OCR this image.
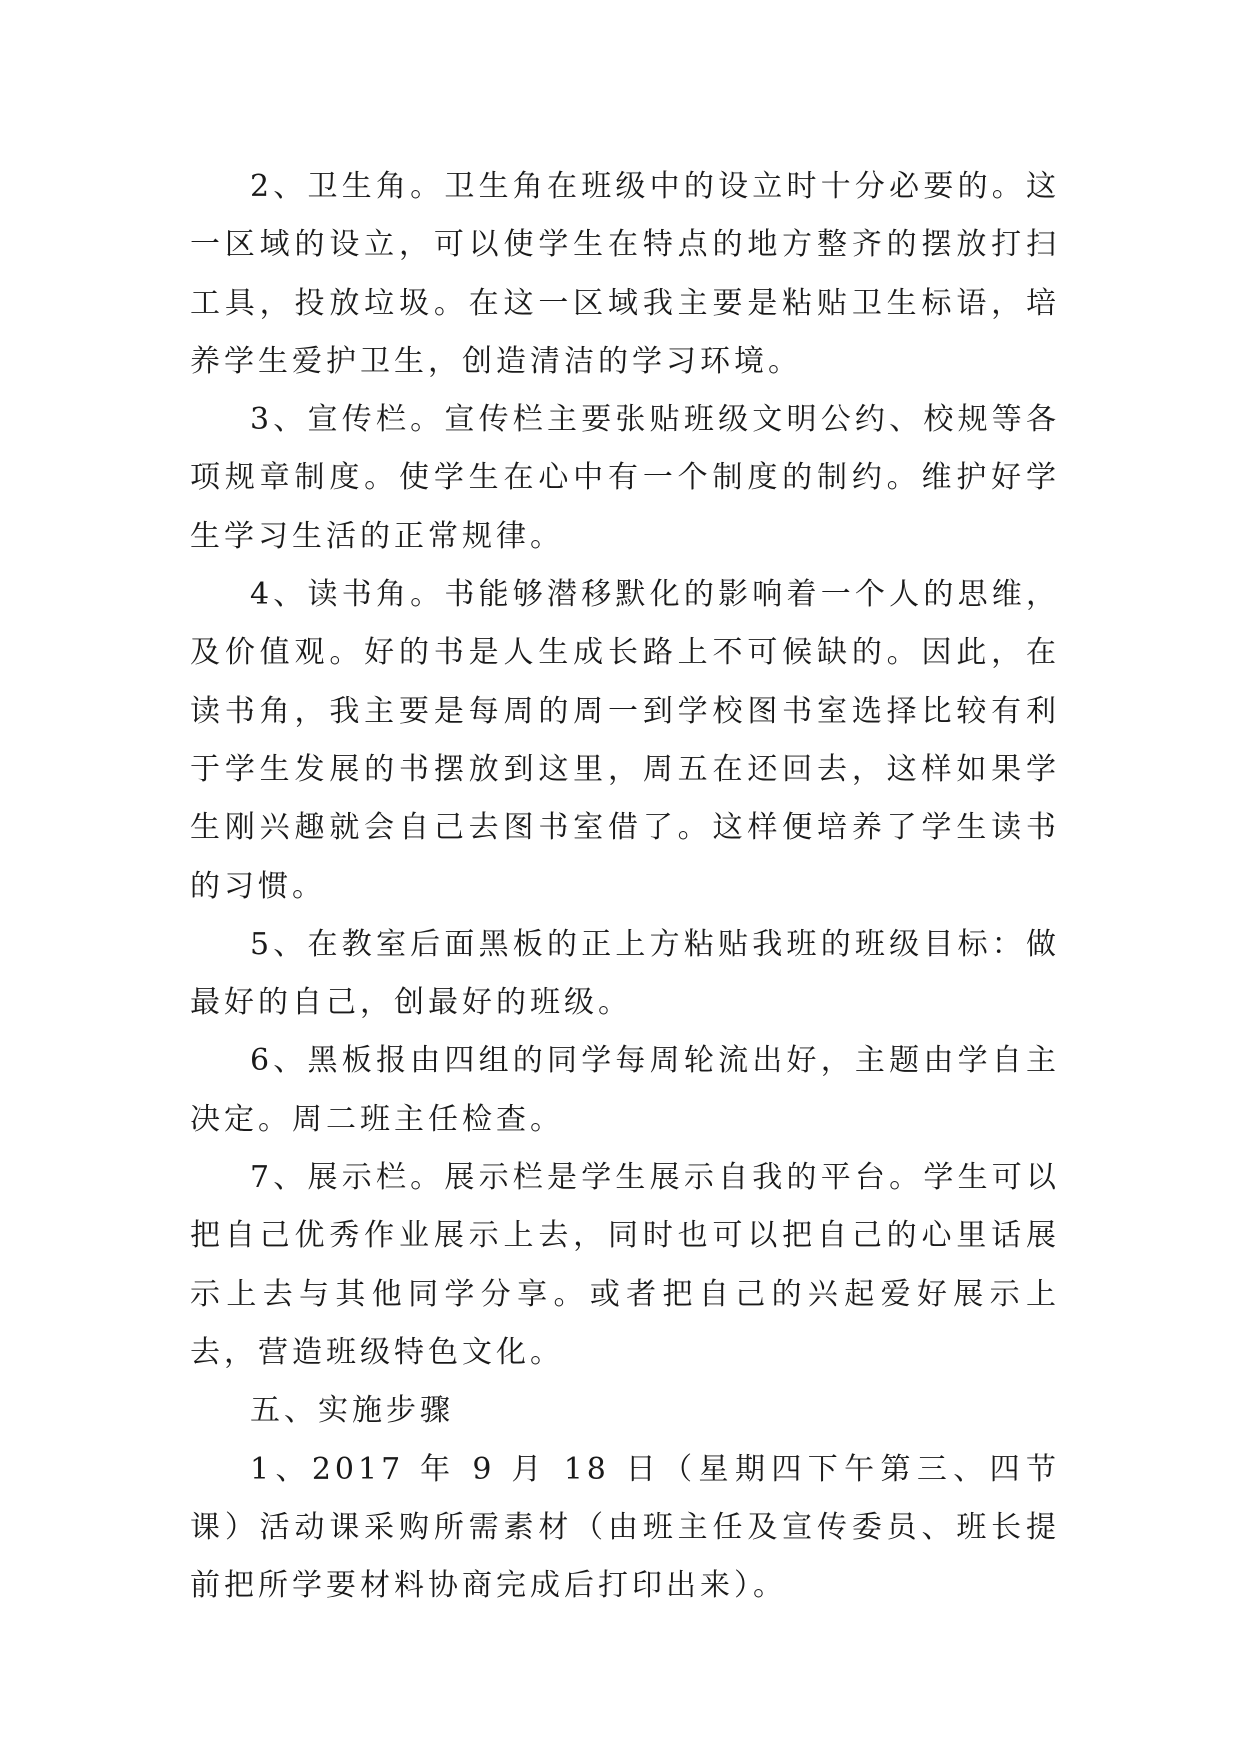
2、卫生角。卫生角在班级中的设立时十分必要的。这一区域的设立，可以使学生在特点的地方整齐的摆放打扫工具，投放垃圾。在这一区域我主要是粘贴卫生标语，培养学生爱护卫生，创造清洁的学习环境。

3、宣传栏。宣传栏主要张贴班级文明公约、校规等各项规章制度。使学生在心中有一个制度的制约。维护好学生学习生活的正常规律。

4、读书角。书能够潜移默化的影响着一个人的思维，及价值观。好的书是人生成长路上不可候缺的。因此，在读书角，我主要是每周的周一到学校图书室选择比较有利于学生发展的书摆放到这里，周五在还回去，这样如果学生刚兴趣就会自己去图书室借了。这样便培养了学生读书的习惯。

5、在教室后面黑板的正上方粘贴我班的班级目标：做最好的自己，创最好的班级。

6、黑板报由四组的同学每周轮流出好，主题由学自主决定。周二班主任检查。

7、展示栏。展示栏是学生展示自我的平台。学生可以把自己优秀作业展示上去，同时也可以把自己的心里话展示上去与其他同学分享。或者把自己的兴起爱好展示上去，营造班级特色文化。

五、实施步骤

1、2017 年 9 月 18 日（星期四下午第三、四节课）活动课采购所需素材（由班主任及宣传委员、班长提前把所学要材料协商完成后打印出来）。
